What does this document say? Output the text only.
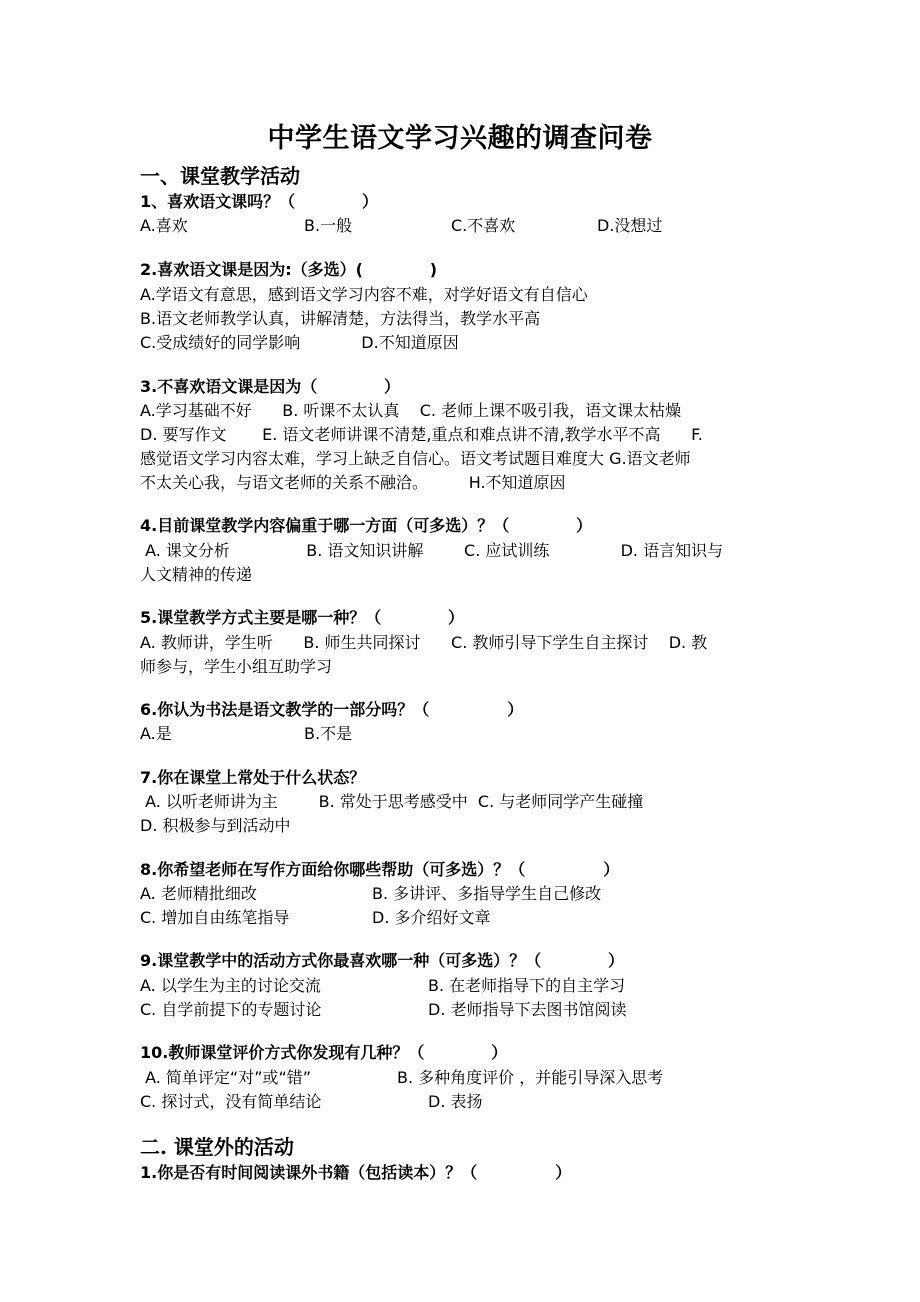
中学生语文学习兴趣的调查问卷
一、课堂教学活动
1、喜欢语文课吗？（            ）
A.喜欢	B.一般	C.不喜欢	D.没想过
2.喜欢语文课是因为:（多选）(            )
A.学语文有意思，感到语文学习内容不难，对学好语文有自信心
B.语文老师教学认真，讲解清楚，方法得当，教学水平高
C.受成绩好的同学影响            D.不知道原因
3.不喜欢语文课是因为（            ）
A.学习基础不好      B. 听课不太认真    C. 老师上课不吸引我，语文课太枯燥
D. 要写作文       E. 语文老师讲课不清楚,重点和难点讲不清,教学水平不高      F.
感觉语文学习内容太难，学习上缺乏自信心。语文考试题目难度大 G.语文老师
不太关心我，与语文老师的关系不融洽。        H.不知道原因
4.目前课堂教学内容偏重于哪一方面（可多选）？（            ）
A. 课文分析               B. 语文知识讲解        C. 应试训练              D. 语言知识与
人文精神的传递
5.课堂教学方式主要是哪一种？（            ）
A. 教师讲，学生听      B. 师生共同探讨      C. 教师引导下学生自主探讨    D. 教
师参与，学生小组互助学习
6.你认为书法是语文教学的一部分吗？（              ）
A.是	B.不是
7.你在课堂上常处于什么状态？
A. 以听老师讲为主        B. 常处于思考感受中  C. 与老师同学产生碰撞
D. 积极参与到活动中
8.你希望老师在写作方面给你哪些帮助（可多选）？（              ）
A. 老师精批细改	B. 多讲评、多指导学生自己修改
C. 增加自由练笔指导	D. 多介绍好文章
9.课堂教学中的活动方式你最喜欢哪一种（可多选）？（            ）
A. 以学生为主的讨论交流	B. 在老师指导下的自主学习
C. 自学前提下的专题讨论	D. 老师指导下去图书馆阅读
10.教师课堂评价方式你发现有几种？（            ）
A. 简单评定“对”或“错”	B. 多种角度评价 ，并能引导深入思考
C. 探讨式，没有简单结论	D. 表扬
二. 课堂外的活动
1.你是否有时间阅读课外书籍（包括读本）？（              ）
